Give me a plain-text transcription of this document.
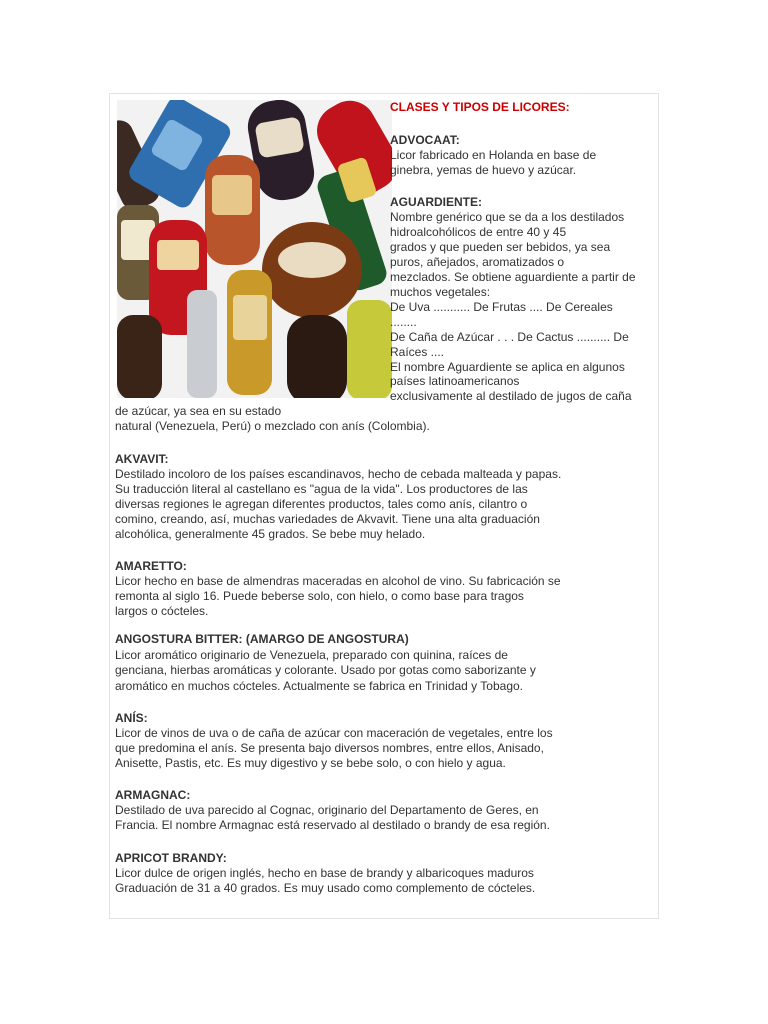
CLASES Y TIPOS DE LICORES:
ADVOCAAT:
Licor fabricado en Holanda en base de
ginebra, yemas de huevo y azúcar.
AGUARDIENTE:
Nombre genérico que se da a los destilados
hidroalcohólicos de entre 40 y 45
grados y que pueden ser bebidos, ya sea
puros, añejados, aromatizados o
mezclados. Se obtiene aguardiente a partir de
muchos vegetales:
De Uva ........... De Frutas .... De Cereales
........
De Caña de Azúcar . . . De Cactus .......... De
Raíces ....
El nombre Aguardiente se aplica en algunos
países latinoamericanos
exclusivamente al destilado de jugos de caña
de azúcar, ya sea en su estado
natural (Venezuela, Perú) o mezclado con anís (Colombia).
AKVAVIT:
Destilado incoloro de los países escandinavos, hecho de cebada malteada y papas.
Su traducción literal al castellano es "agua de la vida". Los productores de las
diversas regiones le agregan diferentes productos, tales como anís, cilantro o
comino, creando, así, muchas variedades de Akvavit. Tiene una alta graduación
alcohólica, generalmente 45 grados. Se bebe muy helado.
AMARETTO:
Licor hecho en base de almendras maceradas en alcohol de vino. Su fabricación se
remonta al siglo 16. Puede beberse solo, con hielo, o como base para tragos
largos o cócteles.
ANGOSTURA BITTER: (AMARGO DE ANGOSTURA)
Licor aromático originario de Venezuela, preparado con quinina, raíces de
genciana, hierbas aromáticas y colorante. Usado por gotas como saborizante y
aromático en muchos cócteles. Actualmente se fabrica en Trinidad y Tobago.
ANÍS:
Licor de vinos de uva o de caña de azúcar con maceración de vegetales, entre los
que predomina el anís. Se presenta bajo diversos nombres, entre ellos, Anisado,
Anisette, Pastis, etc. Es muy digestivo y se bebe solo, o con hielo y agua.
ARMAGNAC:
Destilado de uva parecido al Cognac, originario del Departamento de Geres, en
Francia. El nombre Armagnac está reservado al destilado o brandy de esa región.
APRICOT BRANDY:
Licor dulce de origen inglés, hecho en base de brandy y albaricoques maduros
Graduación de 31 a 40 grados. Es muy usado como complemento de cócteles.
